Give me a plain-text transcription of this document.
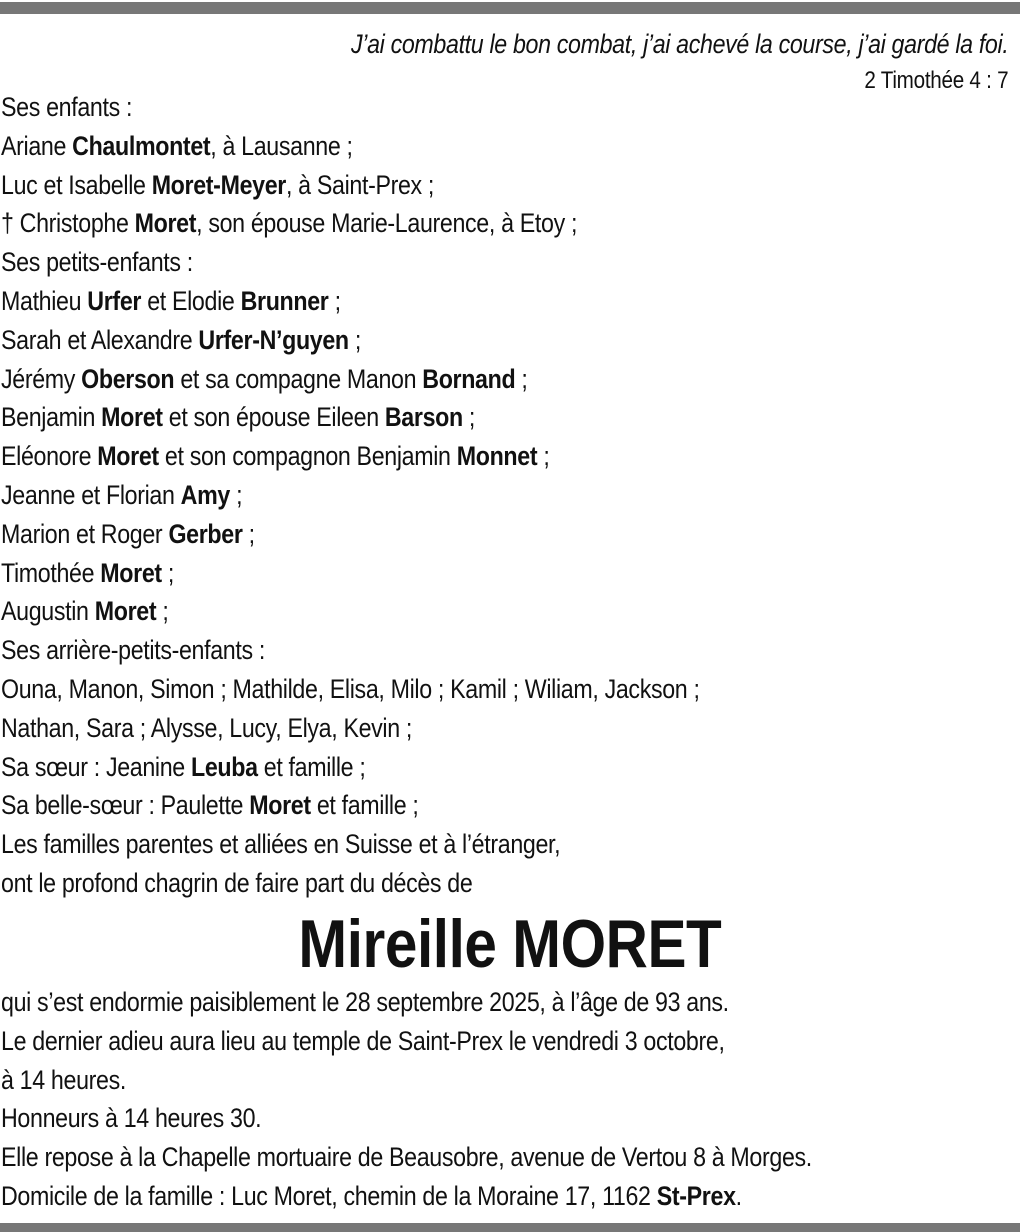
J’ai combattu le bon combat, j’ai achevé la course, j’ai gardé la foi.
2 Timothée 4 : 7
Ses enfants :
Ariane Chaulmontet, à Lausanne ;
Luc et Isabelle Moret-Meyer, à Saint-Prex ;
† Christophe Moret, son épouse Marie-Laurence, à Etoy ;
Ses petits-enfants :
Mathieu Urfer et Elodie Brunner ;
Sarah et Alexandre Urfer-N’guyen ;
Jérémy Oberson et sa compagne Manon Bornand ;
Benjamin Moret et son épouse Eileen Barson ;
Eléonore Moret et son compagnon Benjamin Monnet ;
Jeanne et Florian Amy ;
Marion et Roger Gerber ;
Timothée Moret ;
Augustin Moret ;
Ses arrière-petits-enfants :
Ouna, Manon, Simon ; Mathilde, Elisa, Milo ; Kamil ; Wiliam, Jackson ;
Nathan, Sara ; Alysse, Lucy, Elya, Kevin ;
Sa sœur : Jeanine Leuba et famille ;
Sa belle-sœur : Paulette Moret et famille ;
Les familles parentes et alliées en Suisse et à l’étranger,
ont le profond chagrin de faire part du décès de
Mireille MORET
qui s’est endormie paisiblement le 28 septembre 2025, à l’âge de 93 ans.
Le dernier adieu aura lieu au temple de Saint-Prex le vendredi 3 octobre,
à 14 heures.
Honneurs à 14 heures 30.
Elle repose à la Chapelle mortuaire de Beausobre, avenue de Vertou 8 à Morges.
Domicile de la famille : Luc Moret, chemin de la Moraine 17, 1162 St-Prex.
